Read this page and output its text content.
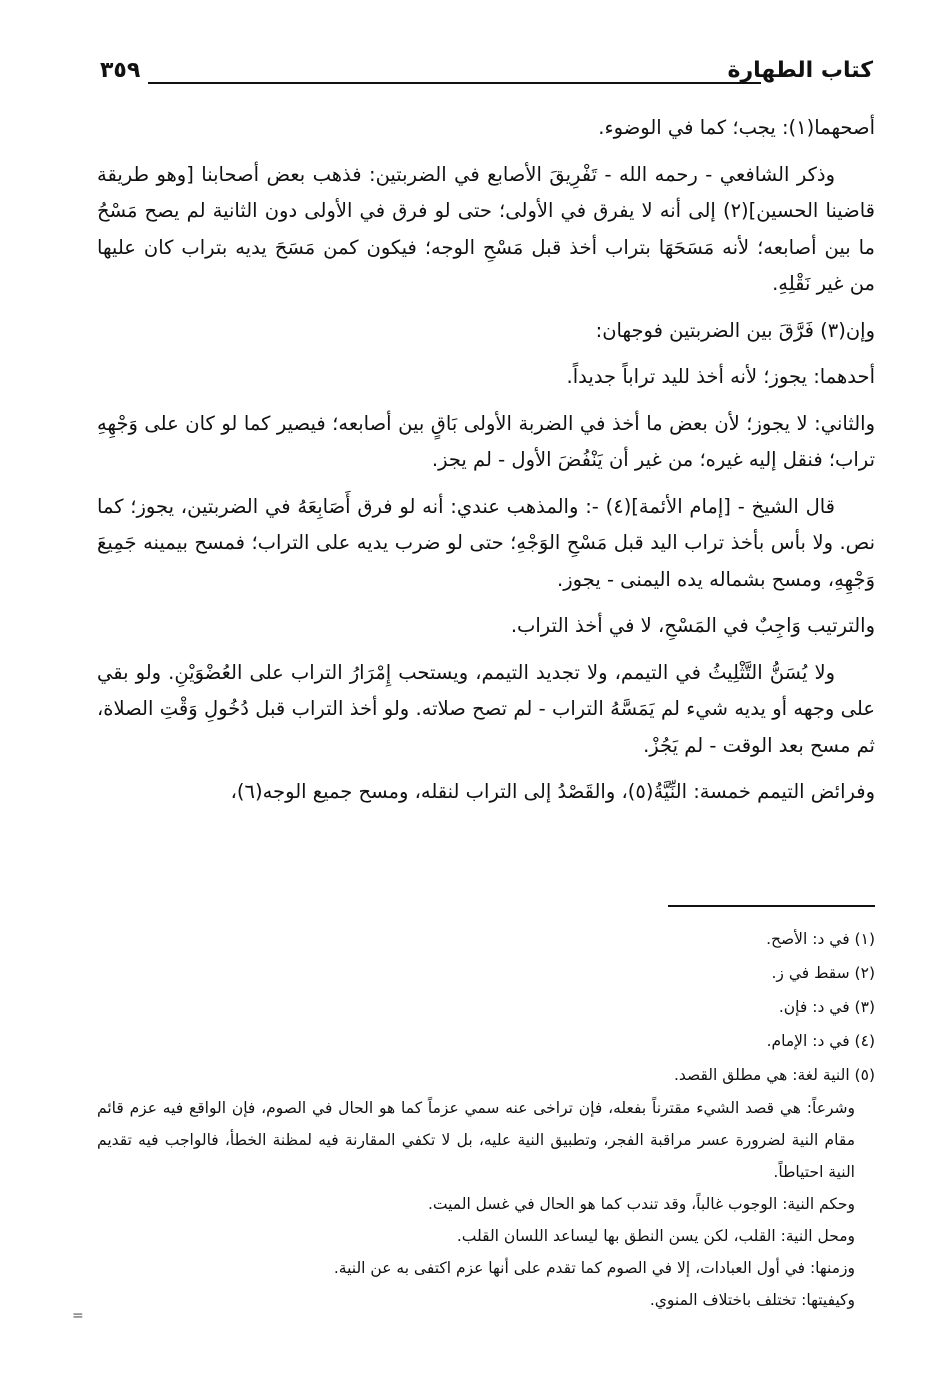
كتاب الطهارة
٣٥٩

أصحهما(١): يجب؛ كما في الوضوء.

وذكر الشافعي - رحمه الله - تَفْرِيقَ الأصابع في الضربتين: فذهب بعض أصحابنا [وهو طريقة قاضينا الحسين](٢) إلى أنه لا يفرق في الأولى؛ حتى لو فرق في الأولى دون الثانية لم يصح مَسْحُ ما بين أصابعه؛ لأنه مَسَحَهَا بتراب أخذ قبل مَسْحِ الوجه؛ فيكون كمن مَسَحَ يديه بتراب كان عليها من غير نَقْلِهِ.

وإن(٣) فَرَّقَ بين الضربتين فوجهان:

أحدهما: يجوز؛ لأنه أخذ لليد تراباً جديداً.

والثاني: لا يجوز؛ لأن بعض ما أخذ في الضربة الأولى بَاقٍ بين أصابعه؛ فيصير كما لو كان على وَجْهِهِ تراب؛ فنقل إليه غيره؛ من غير أن يَنْفُضَ الأول - لم يجز.

قال الشيخ - [إمام الأئمة](٤) -: والمذهب عندي: أنه لو فرق أَصَابِعَهُ في الضربتين، يجوز؛ كما نص. ولا بأس بأخذ تراب اليد قبل مَسْحِ الوَجْهِ؛ حتى لو ضرب يديه على التراب؛ فمسح بيمينه جَمِيعَ وَجْهِهِ، ومسح بشماله يده اليمنى - يجوز.

والترتيب وَاجِبٌ في المَسْحِ، لا في أخذ التراب.

ولا يُسَنُّ التَّثْلِيثُ في التيمم، ولا تجديد التيمم، ويستحب إِمْرَارُ التراب على العُضْوَيْنِ. ولو بقي على وجهه أو يديه شيء لم يَمَسَّهُ التراب - لم تصح صلاته. ولو أخذ التراب قبل دُخُولِ وَقْتِ الصلاة، ثم مسح بعد الوقت - لم يَجُزْ.

وفرائض التيمم خمسة: النِّيَّةُ(٥)، والقَصْدُ إلى التراب لنقله، ومسح جميع الوجه(٦)،

(١) في د: الأصح.

(٢) سقط في ز.

(٣) في د: فإن.

(٤) في د: الإمام.

(٥) النية لغة: هي مطلق القصد.

وشرعاً: هي قصد الشيء مقترناً بفعله، فإن تراخى عنه سمي عزماً كما هو الحال في الصوم، فإن الواقع فيه عزم قائم مقام النية لضرورة عسر مراقبة الفجر، وتطبيق النية عليه، بل لا تكفي المقارنة فيه لمظنة الخطأ، فالواجب فيه تقديم النية احتياطاً.

وحكم النية: الوجوب غالباً، وقد تندب كما هو الحال في غسل الميت.

ومحل النية: القلب، لكن يسن النطق بها ليساعد اللسان القلب.

وزمنها: في أول العبادات، إلا في الصوم كما تقدم على أنها عزم اكتفى به عن النية.

وكيفيتها: تختلف باختلاف المنوي.

=
